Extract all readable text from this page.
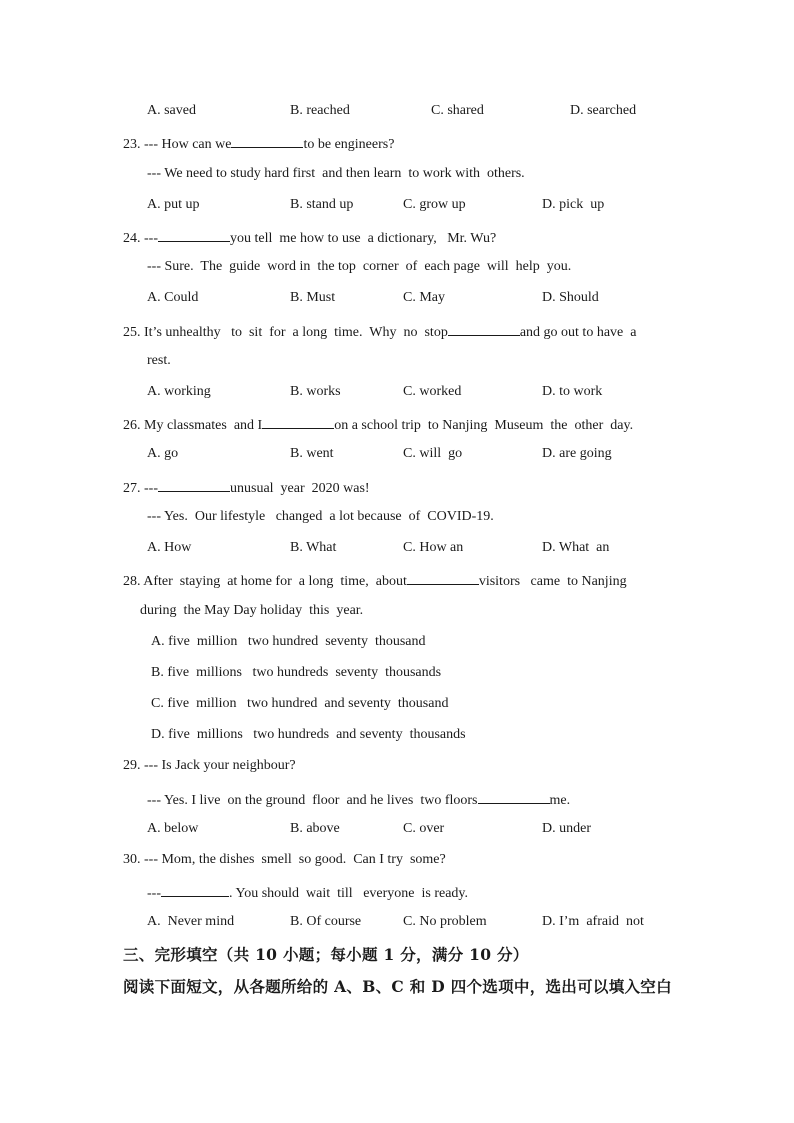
A. saved	B. reached	C. shared	D. searched
23. --- How can we	to be engineers?
--- We need to study hard first  and then learn  to work with  others.
A. put up	B. stand up	C. grow up	D. pick  up
24. ---	you tell  me how to use  a dictionary,   Mr. Wu?
--- Sure.  The  guide  word in  the top  corner  of  each page  will  help  you.
A. Could	B. Must	C. May	D. Should
25. It’s unhealthy   to  sit  for  a long  time.  Why  no  stop	and go out to have  a
rest.
A. working	B. works	C. worked	D. to work
26. My classmates  and I	on a school trip  to Nanjing  Museum  the  other  day.
A. go	B. went	C. will  go	D. are going
27. ---	unusual  year  2020 was!
--- Yes.  Our lifestyle   changed  a lot because  of  COVID-19.
A. How	B. What	C. How an	D. What  an
28. After  staying  at home for  a long  time,  about	visitors   came  to Nanjing
during  the May Day holiday  this  year.
A. five  million   two hundred  seventy  thousand
B. five  millions   two hundreds  seventy  thousands
C. five  million   two hundred  and seventy  thousand
D. five  millions   two hundreds  and seventy  thousands
29. --- Is Jack your neighbour?
--- Yes. I live  on the ground  floor  and he lives  two floors	me.
A. below	B. above	C. over	D. under
30. --- Mom, the dishes  smell  so good.  Can I try  some?
---	. You should  wait  till   everyone  is ready.
A.  Never mind	B. Of course	C. No problem	D. I’m  afraid  not
三、完形填空（共 10 小题；每小题 1 分，满分 10 分）
阅读下面短文，从各题所给的 A、B、C 和 D 四个选项中，选出可以填入空白
